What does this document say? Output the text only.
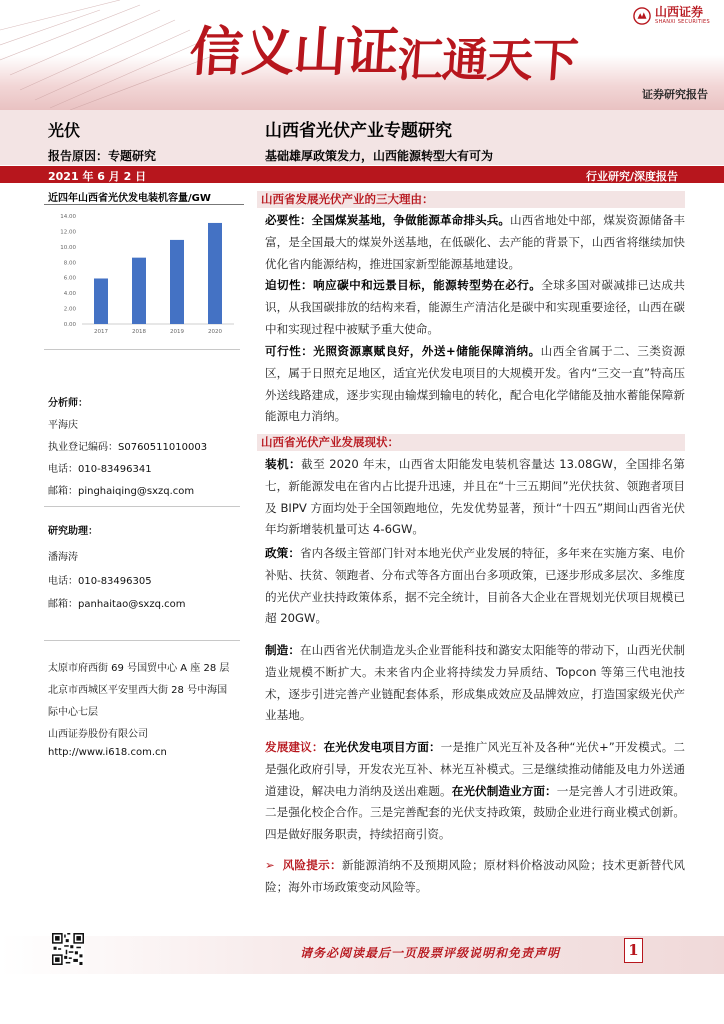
信义山证汇通天下
山西证券
SHANXI SECURITIES
证券研究报告
光伏
报告原因：专题研究
山西省光伏产业专题研究
基础雄厚政策发力，山西能源转型大有可为
2021 年 6 月 2 日	行业研究/深度报告
近四年山西省光伏发电装机容量/GW
0.00
2.00
4.00
6.00
8.00
10.00
12.00
14.00
2017	2018	2019	2020
分析师：
平海庆
执业登记编码：S0760511010003
电话：010-83496341
邮箱：pinghaiqing@sxzq.com
研究助理：
潘海涛
电话：010-83496305
邮箱：panhaitao@sxzq.com
太原市府西街 69 号国贸中心 A 座 28 层
北京市西城区平安里西大街 28 号中海国
际中心七层
山西证券股份有限公司
http://www.i618.com.cn
山西省发展光伏产业的三大理由：
必要性：全国煤炭基地，争做能源革命排头兵。山西省地处中部，煤炭资源储备丰富，是全国最大的煤炭外送基地，在低碳化、去产能的背景下，山西省将继续加快优化省内能源结构，推进国家新型能源基地建设。
迫切性：响应碳中和远景目标，能源转型势在必行。全球多国对碳减排已达成共识，从我国碳排放的结构来看，能源生产清洁化是碳中和实现重要途径，山西在碳中和实现过程中被赋予重大使命。
可行性：光照资源禀赋良好，外送+储能保障消纳。山西全省属于二、三类资源区，属于日照充足地区，适宜光伏发电项目的大规模开发。省内“三交一直”特高压外送线路建成，逐步实现由输煤到输电的转化，配合电化学储能及抽水蓄能保障新能源电力消纳。
山西省光伏产业发展现状：
装机：截至 2020 年末，山西省太阳能发电装机容量达 13.08GW，全国排名第七，新能源发电在省内占比提升迅速，并且在“十三五期间”光伏扶贫、领跑者项目及 BIPV 方面均处于全国领跑地位，先发优势显著，预计“十四五”期间山西省光伏年均新增装机量可达 4-6GW。
政策：省内各级主管部门针对本地光伏产业发展的特征，多年来在实施方案、电价补贴、扶贫、领跑者、分布式等各方面出台多项政策，已逐步形成多层次、多维度的光伏产业扶持政策体系，据不完全统计，目前各大企业在晋规划光伏项目规模已超 20GW。
制造：在山西省光伏制造龙头企业晋能科技和潞安太阳能等的带动下，山西光伏制造业规模不断扩大。未来省内企业将持续发力异质结、Topcon 等第三代电池技术，逐步引进完善产业链配套体系，形成集成效应及品牌效应，打造国家级光伏产业基地。
发展建议：在光伏发电项目方面：一是推广风光互补及各种“光伏+”开发模式。二是强化政府引导，开发农光互补、林光互补模式。三是继续推动储能及电力外送通道建设，解决电力消纳及送出难题。在光伏制造业方面：一是完善人才引进政策。二是强化校企合作。三是完善配套的光伏支持政策，鼓励企业进行商业模式创新。四是做好服务职责，持续招商引资。
➢ 风险提示：新能源消纳不及预期风险；原材料价格波动风险；技术更新替代风险；海外市场政策变动风险等。
请务必阅读最后一页股票评级说明和免责声明	1
